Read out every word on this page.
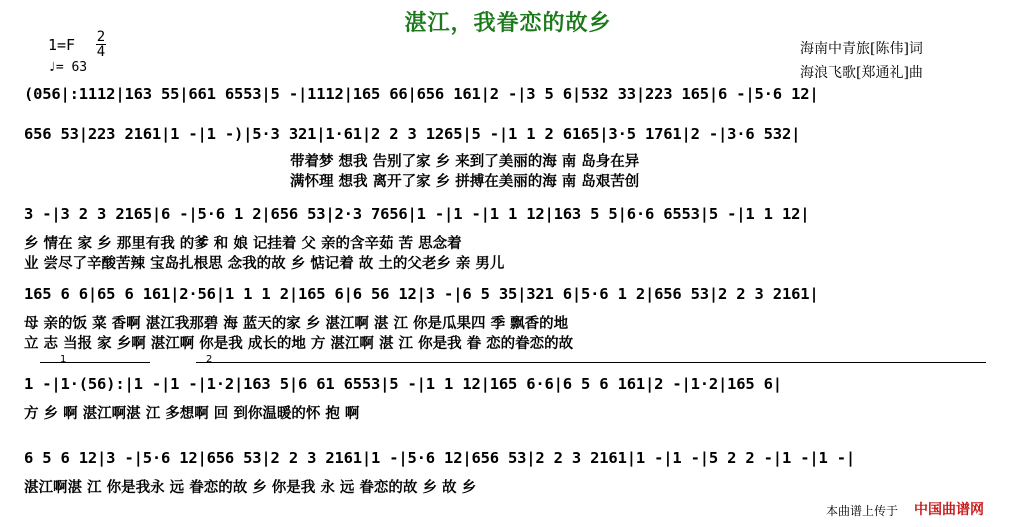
湛江，我眷恋的故乡
1=F 2
4
♩= 63
海南中青旅[陈伟]词
海浪飞歌[郑通礼]曲
(056|:1112|163 55|661 6553|5 -|1112|165 66|656 161|2 -|3 5 6|532 33|223 165|6 -|5·6 12|
656 53|223 2161|1 -|1 -)|5·3 321|1·61|2 2 3 1265|5 -|1 1 2 6165|3·5 1761|2 -|3·6 532|
带着梦 想我 告别了家 乡 来到了美丽的海 南 岛身在异
满怀理 想我 离开了家 乡 拼搏在美丽的海 南 岛艰苦创
3 -|3 2 3 2165|6 -|5·6 1 2|656 53|2·3 7656|1 -|1 -|1 1 12|163 5 5|6·6 6553|5 -|1 1 12|
乡 情在 家 乡 那里有我 的爹 和 娘 记挂着 父 亲的含辛茹 苦 思念着
业 尝尽了辛酸苦辣 宝岛扎根思 念我的故 乡 惦记着 故 土的父老乡 亲 男儿
165 6 6|65 6 161|2·56|1 1 1 2|165 6|6 56 12|3 -|6 5 35|321 6|5·6 1 2|656 53|2 2 3 2161|
母 亲的饭 菜 香啊 湛江我那碧 海 蓝天的家 乡 湛江啊 湛 江 你是瓜果四 季 飘香的地
立 志 当报 家 乡啊 湛江啊 你是我 成长的地 方 湛江啊 湛 江 你是我 眷 恋的眷恋的故
1	2
1 -|1·(56):|1 -|1 -|1·2|163 5|6 61 6553|5 -|1 1 12|165 6·6|6 5 6 161|2 -|1·2|165 6|
方 乡 啊 湛江啊湛 江 多想啊 回 到你温暖的怀 抱 啊
6 5 6 12|3 -|5·6 12|656 53|2 2 3 2161|1 -|5·6 12|656 53|2 2 3 2161|1 -|1 -|5 2 2 -|1 -|1 -|
湛江啊湛 江 你是我永 远 眷恋的故 乡 你是我 永 远 眷恋的故 乡 故 乡
本曲谱上传于 中国曲谱网
